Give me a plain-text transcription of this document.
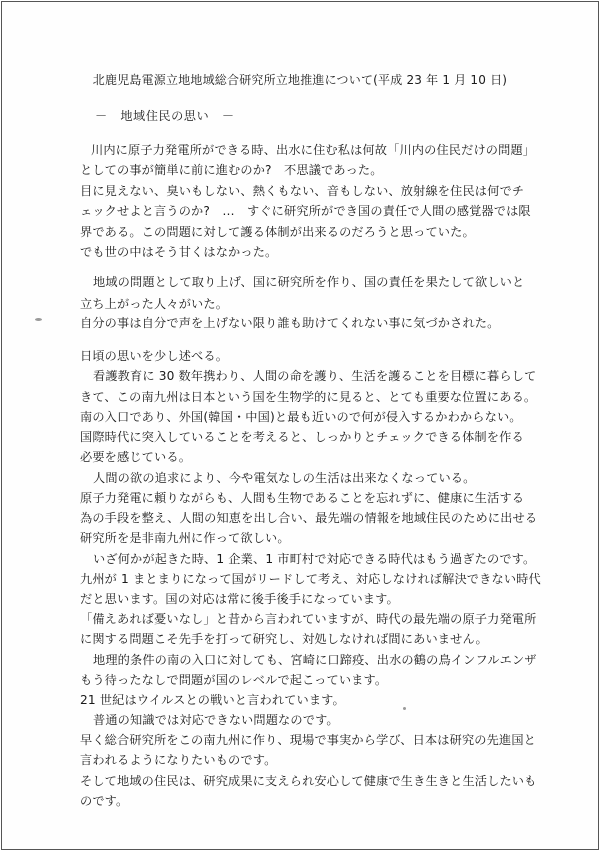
北鹿児島電源立地地域総合研究所立地推進について(平成 23 年 1 月 10 日)
－　地域住民の思い　－
川内に原子力発電所ができる時、出水に住む私は何故「川内の住民だけの問題」
としての事が簡単に前に進むのか?　不思議であった。
目に見えない、臭いもしない、熱くもない、音もしない、放射線を住民は何でチ
ェックせよと言うのか?　…　すぐに研究所ができ国の責任で人間の感覚器では限
界である。この問題に対して護る体制が出来るのだろうと思っていた。
でも世の中はそう甘くはなかった。
地域の問題として取り上げ、国に研究所を作り、国の責任を果たして欲しいと
立ち上がった人々がいた。
自分の事は自分で声を上げない限り誰も助けてくれない事に気づかされた。
日頃の思いを少し述べる。
看護教育に 30 数年携わり、人間の命を護り、生活を護ることを目標に暮らして
きて、この南九州は日本という国を生物学的に見ると、とても重要な位置にある。
南の入口であり、外国(韓国・中国)と最も近いので何が侵入するかわからない。
国際時代に突入していることを考えると、しっかりとチェックできる体制を作る
必要を感じている。
人間の欲の追求により、今や電気なしの生活は出来なくなっている。
原子力発電に頼りながらも、人間も生物であることを忘れずに、健康に生活する
為の手段を整え、人間の知恵を出し合い、最先端の情報を地域住民のために出せる
研究所を是非南九州に作って欲しい。
いざ何かが起きた時、1 企業、1 市町村で対応できる時代はもう過ぎたのです。
九州が 1 まとまりになって国がリードして考え、対応しなければ解決できない時代
だと思います。国の対応は常に後手後手になっています。
「備えあれば憂いなし」と昔から言われていますが、時代の最先端の原子力発電所
に関する問題こそ先手を打って研究し、対処しなければ間にあいません。
地理的条件の南の入口に対しても、宮崎に口蹄疫、出水の鶴の鳥インフルエンザ
もう待ったなしで問題が国のレベルで起こっています。
21 世紀はウイルスとの戦いと言われています。
普通の知識では対応できない問題なのです。
早く総合研究所をこの南九州に作り、現場で事実から学び、日本は研究の先進国と
言われるようになりたいものです。
そして地域の住民は、研究成果に支えられ安心して健康で生き生きと生活したいも
のです。
